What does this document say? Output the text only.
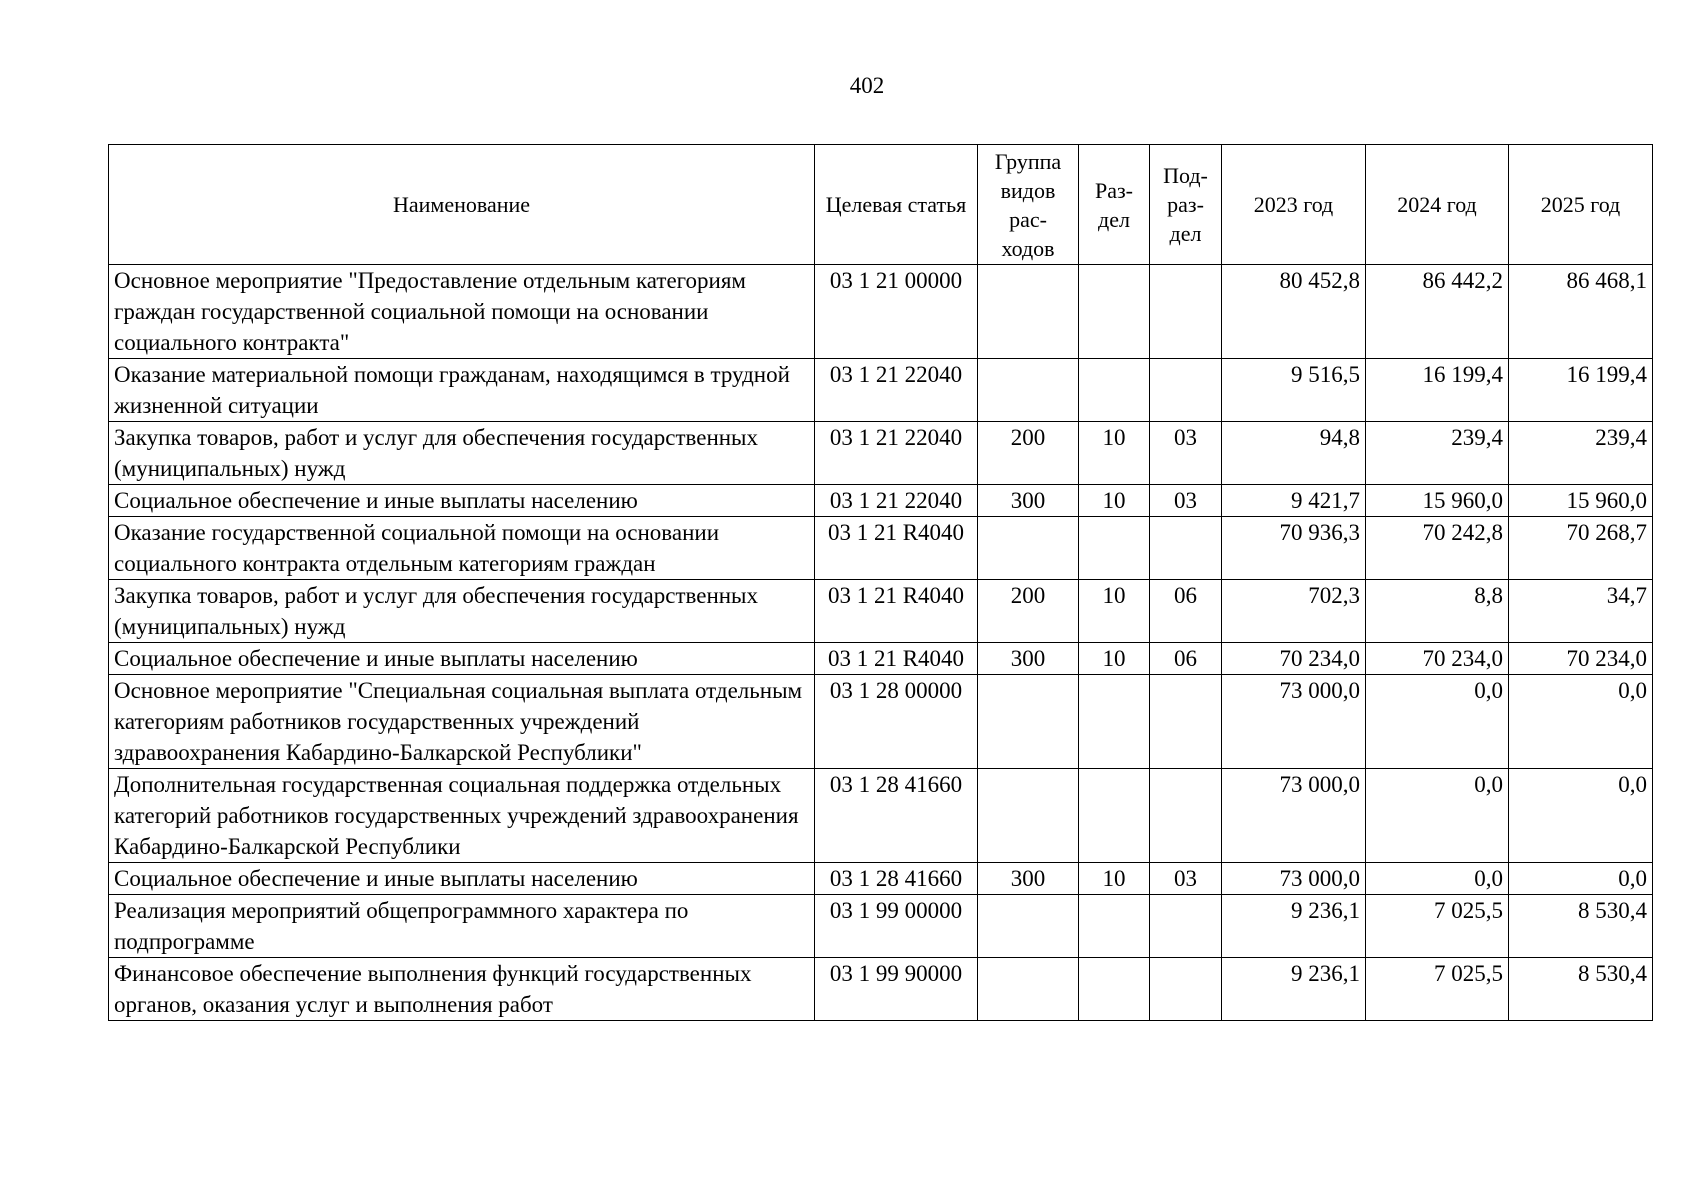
402
Наименование	Целевая статья	Группа видов рас-ходов	Раз-дел	Под-раз-дел	2023 год	2024 год	2025 год
Основное мероприятие "Предоставление отдельным категориям граждан государственной социальной помощи на основании социального контракта"	03 1 21 00000				80 452,8	86 442,2	86 468,1
Оказание материальной помощи гражданам, находящимся в трудной жизненной ситуации	03 1 21 22040				9 516,5	16 199,4	16 199,4
Закупка товаров, работ и услуг для обеспечения государственных (муниципальных) нужд	03 1 21 22040	200	10	03	94,8	239,4	239,4
Социальное обеспечение и иные выплаты населению	03 1 21 22040	300	10	03	9 421,7	15 960,0	15 960,0
Оказание государственной социальной помощи на основании социального контракта отдельным категориям граждан	03 1 21 R4040				70 936,3	70 242,8	70 268,7
Закупка товаров, работ и услуг для обеспечения государственных (муниципальных) нужд	03 1 21 R4040	200	10	06	702,3	8,8	34,7
Социальное обеспечение и иные выплаты населению	03 1 21 R4040	300	10	06	70 234,0	70 234,0	70 234,0
Основное мероприятие "Специальная социальная выплата отдельным категориям работников государственных учреждений здравоохранения Кабардино-Балкарской Республики"	03 1 28 00000				73 000,0	0,0	0,0
Дополнительная государственная социальная поддержка отдельных категорий работников государственных учреждений здравоохранения Кабардино-Балкарской Республики	03 1 28 41660				73 000,0	0,0	0,0
Социальное обеспечение и иные выплаты населению	03 1 28 41660	300	10	03	73 000,0	0,0	0,0
Реализация мероприятий общепрограммного характера по подпрограмме	03 1 99 00000				9 236,1	7 025,5	8 530,4
Финансовое обеспечение выполнения функций государственных органов, оказания услуг и выполнения работ	03 1 99 90000				9 236,1	7 025,5	8 530,4
